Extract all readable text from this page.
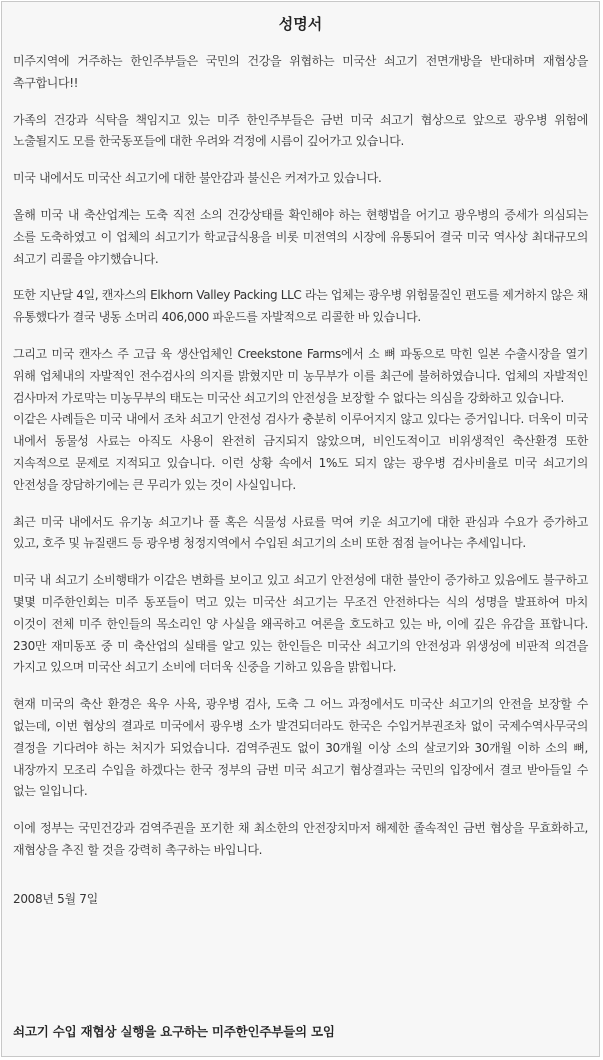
성명서

미주지역에 거주하는 한인주부들은 국민의 건강을 위협하는 미국산 쇠고기 전면개방을 반대하며 재협상을 촉구합니다!!

가족의 건강과 식탁을 책임지고 있는 미주 한인주부들은 금번 미국 쇠고기 협상으로 앞으로 광우병 위험에 노출될지도 모를 한국동포들에 대한 우려와 걱정에 시름이 깊어가고 있습니다.

미국 내에서도 미국산 쇠고기에 대한 불안감과 불신은 커져가고 있습니다.

올해 미국 내 축산업계는 도축 직전 소의 건강상태를 확인해야 하는 현행법을 어기고 광우병의 증세가 의심되는 소를 도축하였고 이 업체의 쇠고기가 학교급식용을 비롯 미전역의 시장에 유통되어 결국 미국 역사상 최대규모의 쇠고기 리콜을 야기했습니다.

또한 지난달 4일, 캔자스의 Elkhorn Valley Packing LLC 라는 업체는 광우병 위험물질인 편도를 제거하지 않은 채 유통했다가 결국 냉동 소머리 406,000 파운드를 자발적으로 리콜한 바 있습니다.

그리고 미국 캔자스 주 고급 육 생산업체인 Creekstone Farms에서 소 뼈 파동으로 막힌 일본 수출시장을 열기 위해 업체내의 자발적인 전수검사의 의지를 밝혔지만 미 농무부가 이를 최근에 불허하였습니다. 업체의 자발적인 검사마저 가로막는 미농무부의 태도는 미국산 쇠고기의 안전성을 보장할 수 없다는 의심을 강화하고 있습니다.

이같은 사례들은 미국 내에서 조차 쇠고기 안전성 검사가 충분히 이루어지지 않고 있다는 증거입니다. 더욱이 미국 내에서 동물성 사료는 아직도 사용이 완전히 금지되지 않았으며, 비인도적이고 비위생적인 축산환경 또한 지속적으로 문제로 지적되고 있습니다. 이런 상황 속에서 1%도 되지 않는 광우병 검사비율로 미국 쇠고기의 안전성을 장담하기에는 큰 무리가 있는 것이 사실입니다.

최근 미국 내에서도 유기농 쇠고기나 풀 혹은 식물성 사료를 먹여 키운 쇠고기에 대한 관심과 수요가 증가하고 있고, 호주 및 뉴질랜드 등 광우병 청정지역에서 수입된 쇠고기의 소비 또한 점점 늘어나는 추세입니다.

미국 내 쇠고기 소비행태가 이같은 변화를 보이고 있고 쇠고기 안전성에 대한 불안이 증가하고 있음에도 불구하고 몇몇 미주한인회는 미주 동포들이 먹고 있는 미국산 쇠고기는 무조건 안전하다는 식의 성명을 발표하여 마치 이것이 전체 미주 한인들의 목소리인 양 사실을 왜곡하고 여론을 호도하고 있는 바, 이에 깊은 유감을 표합니다. 230만 재미동포 중 미 축산업의 실태를 알고 있는 한인들은 미국산 쇠고기의 안전성과 위생성에 비판적 의견을 가지고 있으며 미국산 쇠고기 소비에 더더욱 신중을 기하고 있음을 밝힙니다.

현재 미국의 축산 환경은 육우 사육, 광우병 검사, 도축 그 어느 과정에서도 미국산 쇠고기의 안전을 보장할 수 없는데, 이번 협상의 결과로 미국에서 광우병 소가 발견되더라도 한국은 수입거부권조차 없이 국제수역사무국의 결정을 기다려야 하는 처지가 되었습니다. 검역주권도 없이 30개월 이상 소의 살코기와 30개월 이하 소의 뼈, 내장까지 모조리 수입을 하겠다는 한국 정부의 금번 미국 쇠고기 협상결과는 국민의 입장에서 결코 받아들일 수 없는 일입니다.

이에 정부는 국민건강과 검역주권을 포기한 채 최소한의 안전장치마저 해제한 졸속적인 금번 협상을 무효화하고, 재협상을 추진 할 것을 강력히 촉구하는 바입니다.

2008년 5월 7일
쇠고기 수입 재협상 실행을 요구하는 미주한인주부들의 모임
